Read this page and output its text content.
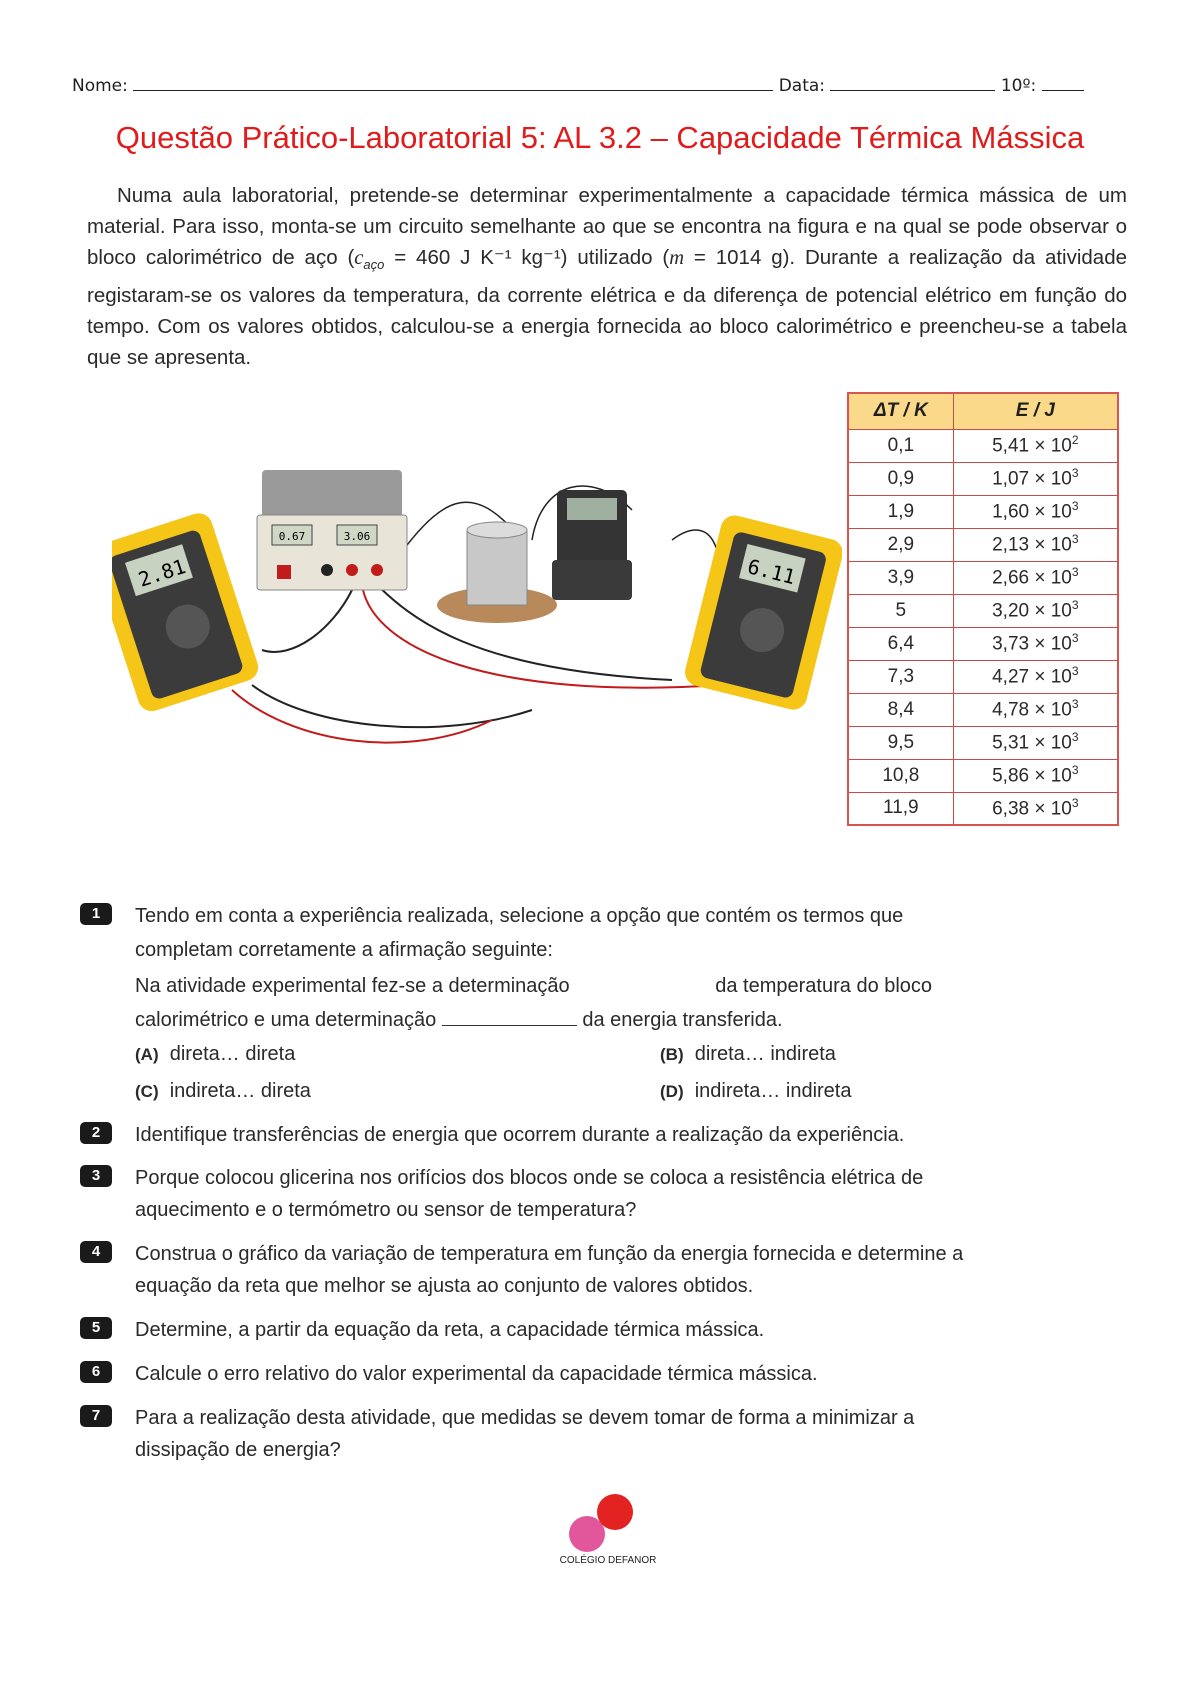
Nome:	Data:	10º:
Questão Prático-Laboratorial 5: AL 3.2 – Capacidade Térmica Mássica
Numa aula laboratorial, pretende-se determinar experimentalmente a capacidade térmica mássica de um material. Para isso, monta-se um circuito semelhante ao que se encontra na figura e na qual se pode observar o bloco calorimétrico de aço ($c_{aço} = 460$ J K⁻¹ kg⁻¹) utilizado (m = 1014 g). Durante a realização da atividade registaram-se os valores da temperatura, da corrente elétrica e da diferença de potencial elétrico em função do tempo. Com os valores obtidos, calculou-se a energia fornecida ao bloco calorimétrico e preencheu-se a tabela que se apresenta.
0.67	3.06
2.81	6.11
ΔT / K	E / J
0,1	$5,41 \times 10^2$
0,9	$1,07 \times 10^3$
1,9	$1,60 \times 10^3$
2,9	$2,13 \times 10^3$
3,9	$2,66 \times 10^3$
5	$3,20 \times 10^3$
6,4	$3,73 \times 10^3$
7,3	$4,27 \times 10^3$
8,4	$4,78 \times 10^3$
9,5	$5,31 \times 10^3$
10,8	$5,86 \times 10^3$
11,9	$6,38 \times 10^3$
1	Tendo em conta a experiência realizada, selecione a opção que contém os termos que
completam corretamente a afirmação seguinte:
Na atividade experimental fez-se a determinação	da temperatura do bloco
calorimétrico e uma determinação	da energia transferida.
(A) direta… direta	(B) direta… indireta
(C) indireta… direta	(D) indireta… indireta
2	Identifique transferências de energia que ocorrem durante a realização da experiência.
3	Porque colocou glicerina nos orifícios dos blocos onde se coloca a resistência elétrica de
aquecimento e o termómetro ou sensor de temperatura?
4	Construa o gráfico da variação de temperatura em função da energia fornecida e determine a
equação da reta que melhor se ajusta ao conjunto de valores obtidos.
5	Determine, a partir da equação da reta, a capacidade térmica mássica.
6	Calcule o erro relativo do valor experimental da capacidade térmica mássica.
7	Para a realização desta atividade, que medidas se devem tomar de forma a minimizar a
dissipação de energia?
COLÉGIO DEFANOR
